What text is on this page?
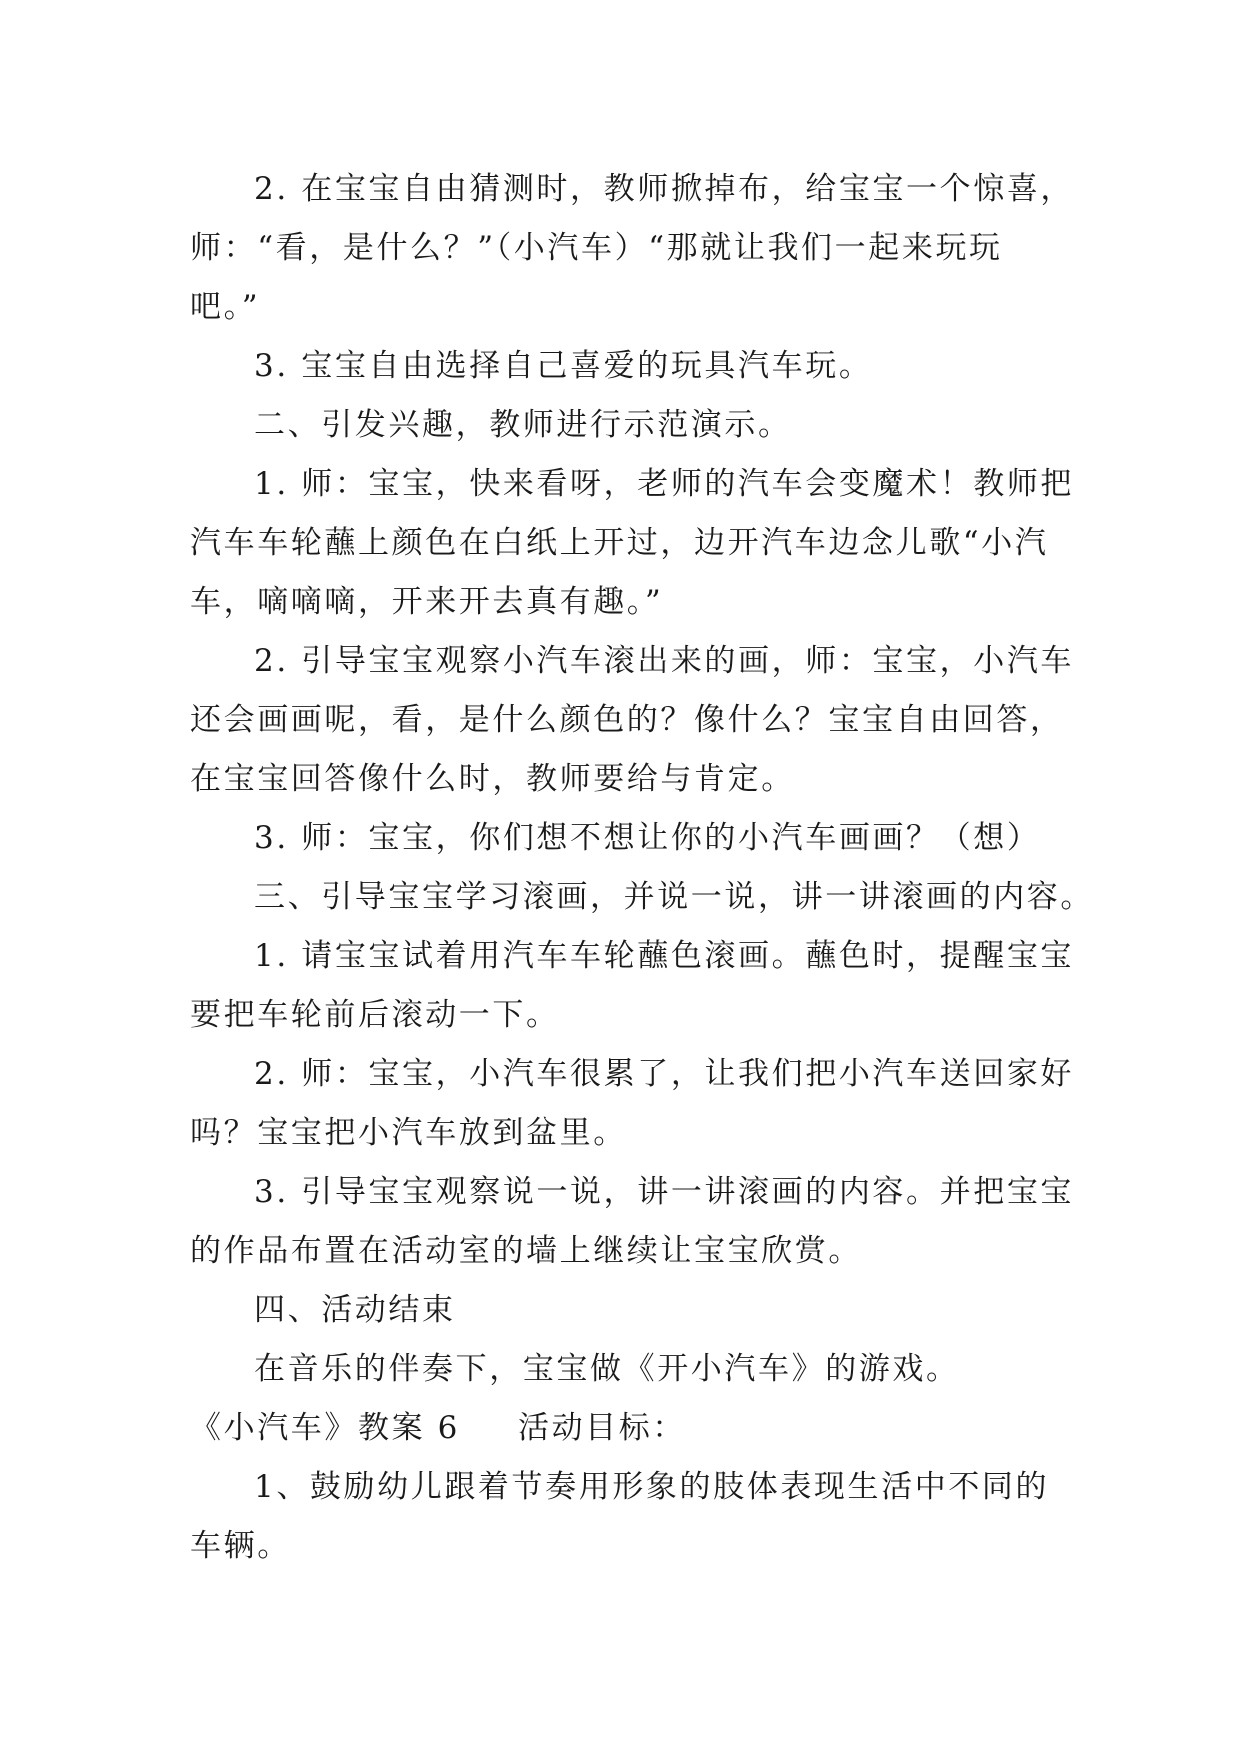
2. 在宝宝自由猜测时，教师掀掉布，给宝宝一个惊喜，
师：“看，是什么？”（小汽车）“那就让我们一起来玩玩
吧。”
3. 宝宝自由选择自己喜爱的玩具汽车玩。
二、引发兴趣，教师进行示范演示。
1. 师：宝宝，快来看呀，老师的汽车会变魔术！教师把
汽车车轮蘸上颜色在白纸上开过，边开汽车边念儿歌“小汽
车，嘀嘀嘀，开来开去真有趣。”
2. 引导宝宝观察小汽车滚出来的画，师：宝宝，小汽车
还会画画呢，看，是什么颜色的？像什么？宝宝自由回答，
在宝宝回答像什么时，教师要给与肯定。
3. 师：宝宝，你们想不想让你的小汽车画画？（想）
三、引导宝宝学习滚画，并说一说，讲一讲滚画的内容。
1. 请宝宝试着用汽车车轮蘸色滚画。蘸色时，提醒宝宝
要把车轮前后滚动一下。
2. 师：宝宝，小汽车很累了，让我们把小汽车送回家好
吗？宝宝把小汽车放到盆里。
3. 引导宝宝观察说一说，讲一讲滚画的内容。并把宝宝
的作品布置在活动室的墙上继续让宝宝欣赏。
四、活动结束
在音乐的伴奏下，宝宝做《开小汽车》的游戏。
《小汽车》教案 6 活动目标：
1、鼓励幼儿跟着节奏用形象的肢体表现生活中不同的
车辆。
